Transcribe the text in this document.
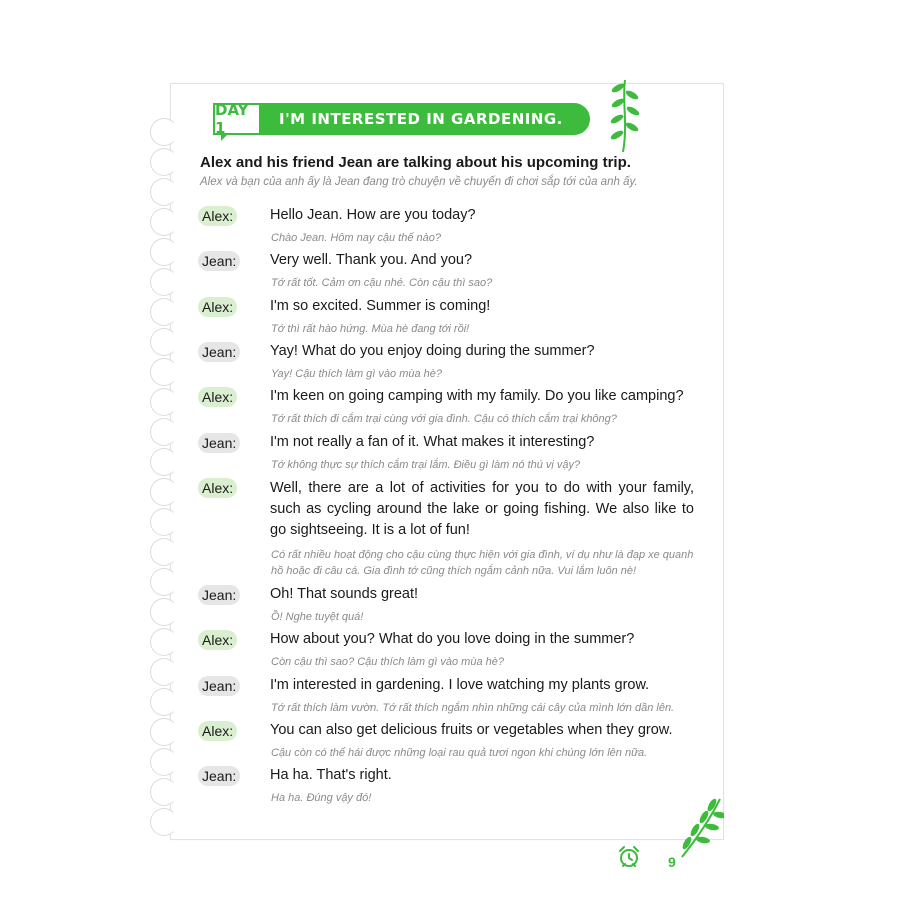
DAY 1	I'M INTERESTED IN GARDENING.
Alex and his friend Jean are talking about his upcoming trip.
Alex và bạn của anh ấy là Jean đang trò chuyện về chuyến đi chơi sắp tới của anh ấy.
Alex:	Hello Jean. How are you today?
Chào Jean. Hôm nay cậu thế nào?
Jean: Very well. Thank you. And you?
Tớ rất tốt. Cảm ơn cậu nhé. Còn cậu thì sao?
Alex:	I'm so excited. Summer is coming!
Tớ thì rất hào hứng. Mùa hè đang tới rồi!
Jean: Yay! What do you enjoy doing during the summer?
Yay! Cậu thích làm gì vào mùa hè?
Alex:	I'm keen on going camping with my family. Do you like camping?
Tớ rất thích đi cắm trại cùng với gia đình. Cậu có thích cắm trại không?
Jean: I'm not really a fan of it. What makes it interesting?
Tớ không thực sự thích cắm trại lắm. Điều gì làm nó thú vị vậy?
Alex:	Well, there are a lot of activities for you to do with your family, such as cycling around the lake or going fishing. We also like to go sightseeing. It is a lot of fun!
Có rất nhiều hoạt động cho cậu cùng thực hiện với gia đình, ví dụ như là đạp xe quanh hồ hoặc đi câu cá. Gia đình tớ cũng thích ngắm cảnh nữa. Vui lắm luôn nè!
Jean: Oh! That sounds great!
Ồ! Nghe tuyệt quá!
Alex:	How about you? What do you love doing in the summer?
Còn cậu thì sao? Cậu thích làm gì vào mùa hè?
Jean: I'm interested in gardening. I love watching my plants grow.
Tớ rất thích làm vườn. Tớ rất thích ngắm nhìn những cái cây của mình lớn dần lên.
Alex:	You can also get delicious fruits or vegetables when they grow.
Cậu còn có thể hái được những loại rau quả tươi ngon khi chúng lớn lên nữa.
Jean: Ha ha. That's right.
Ha ha. Đúng vậy đó!
9
